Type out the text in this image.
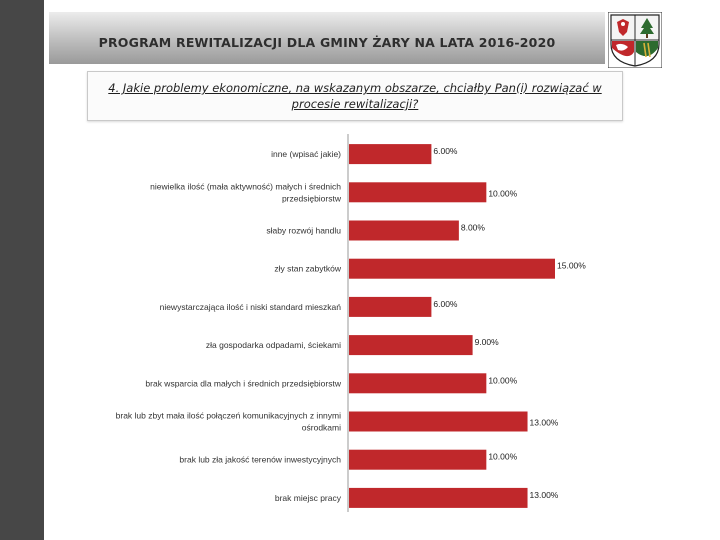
PROGRAM REWITALIZACJI DLA GMINY ŻARY NA LATA 2016-2020
4. Jakie problemy ekonomiczne, na wskazanym obszarze, chciałby Pan(i) rozwiązać w procesie rewitalizacji?
6.00%
inne (wpisać jakie)
10.00%
niewielka ilość (mała aktywność) małych i średnich przedsiębiorstw
8.00%
słaby rozwój handlu
15.00%
zły stan zabytków
6.00%
niewystarczająca ilość i niski standard mieszkań
9.00%
zła gospodarka odpadami, ściekami
10.00%
brak wsparcia dla małych i średnich przedsiębiorstw
13.00%
brak lub zbyt mała ilość połączeń komunikacyjnych z innymi ośrodkami
10.00%
brak lub zła jakość terenów inwestycyjnych
13.00%
brak miejsc pracy
